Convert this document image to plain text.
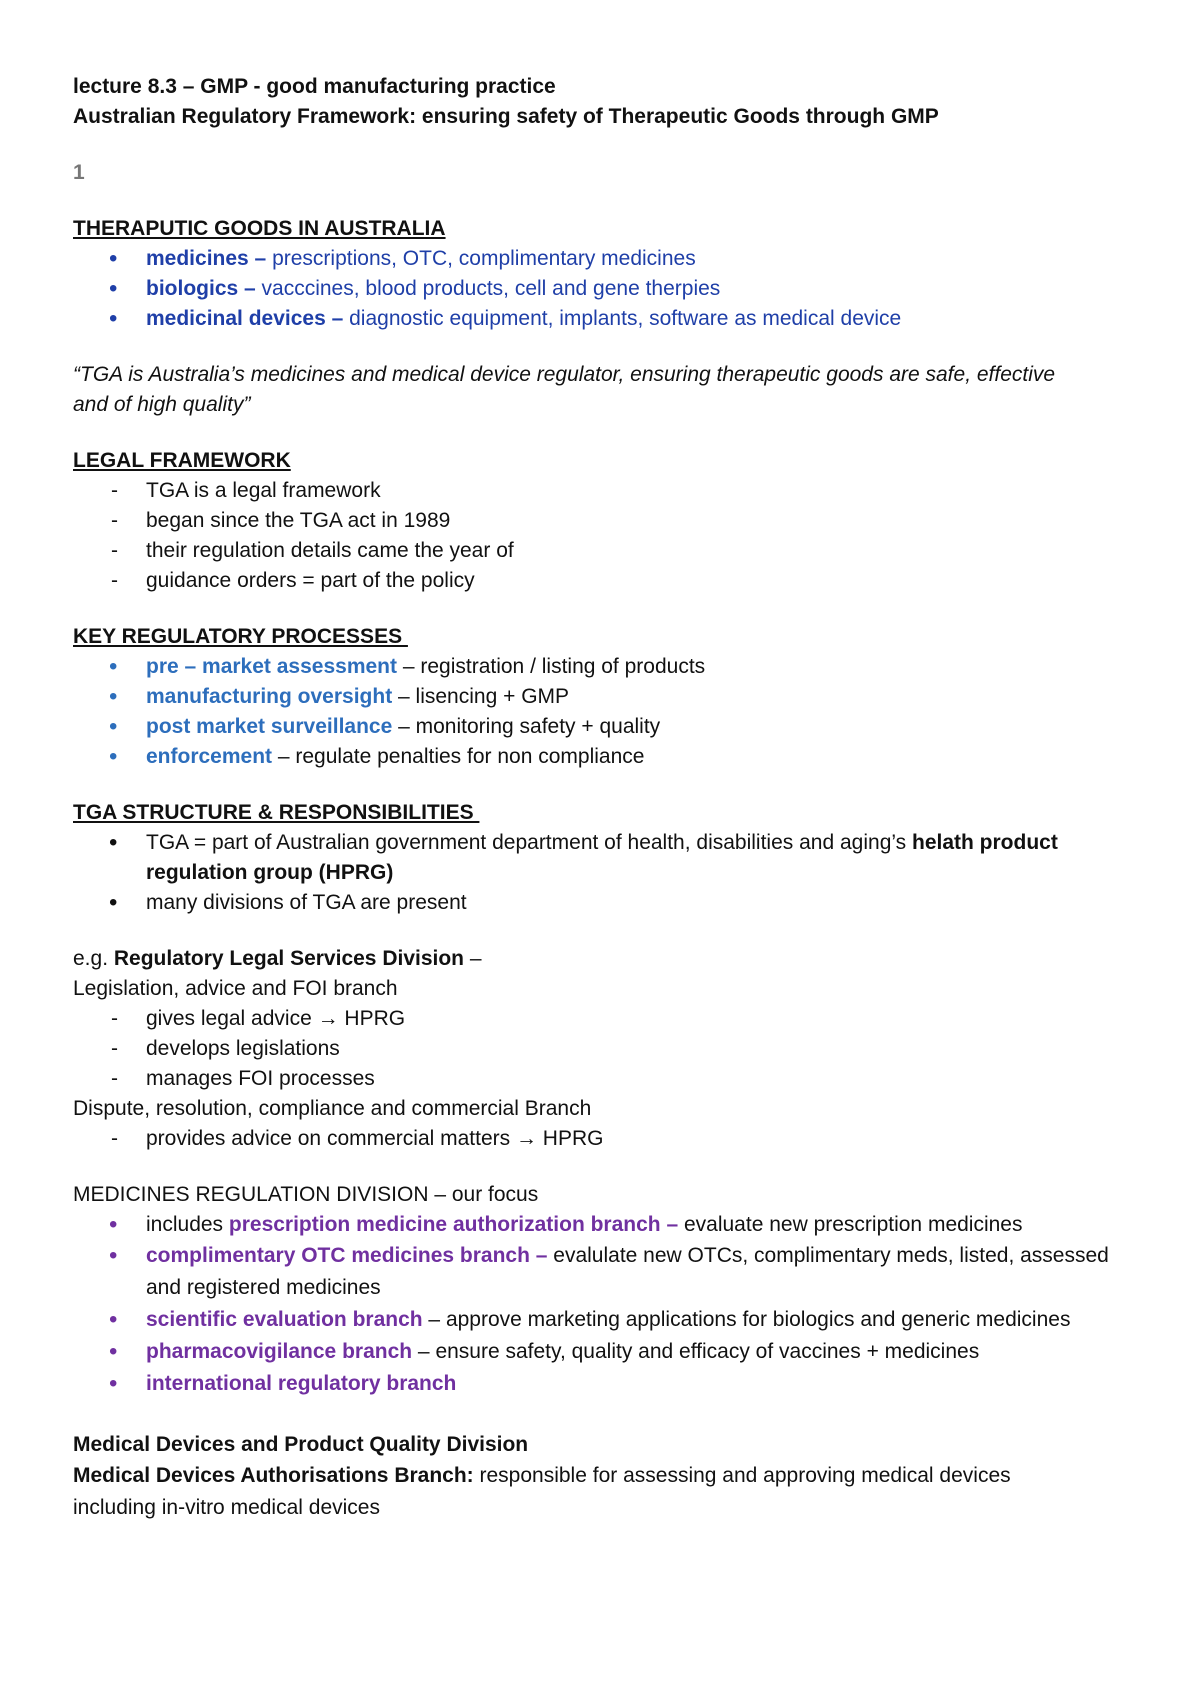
lecture 8.3 – GMP - good manufacturing practice
Australian Regulatory Framework: ensuring safety of Therapeutic Goods through GMP
1
THERAPUTIC GOODS IN AUSTRALIA
• medicines – prescriptions, OTC, complimentary medicines
• biologics – vacccines, blood products, cell and gene therpies
• medicinal devices – diagnostic equipment, implants, software as medical device
“TGA is Australia’s medicines and medical device regulator, ensuring therapeutic goods are safe, effective and of high quality”
LEGAL FRAMEWORK
- TGA is a legal framework
- began since the TGA act in 1989
- their regulation details came the year of
- guidance orders = part of the policy
KEY REGULATORY PROCESSES
• pre – market assessment – registration / listing of products
• manufacturing oversight – lisencing + GMP
• post market surveillance – monitoring safety + quality
• enforcement – regulate penalties for non compliance
TGA STRUCTURE & RESPONSIBILITIES
• TGA = part of Australian government department of health, disabilities and aging’s helath product regulation group (HPRG)
• many divisions of TGA are present
e.g. Regulatory Legal Services Division –
Legislation, advice and FOI branch
- gives legal advice → HPRG
- develops legislations
- manages FOI processes
Dispute, resolution, compliance and commercial Branch
- provides advice on commercial matters → HPRG
MEDICINES REGULATION DIVISION – our focus
• includes prescription medicine authorization branch – evaluate new prescription medicines
• complimentary OTC medicines branch – evalulate new OTCs, complimentary meds, listed, assessed and registered medicines
• scientific evaluation branch – approve marketing applications for biologics and generic medicines
• pharmacovigilance branch – ensure safety, quality and efficacy of vaccines + medicines
• international regulatory branch
Medical Devices and Product Quality Division
Medical Devices Authorisations Branch: responsible for assessing and approving medical devices including in-vitro medical devices
